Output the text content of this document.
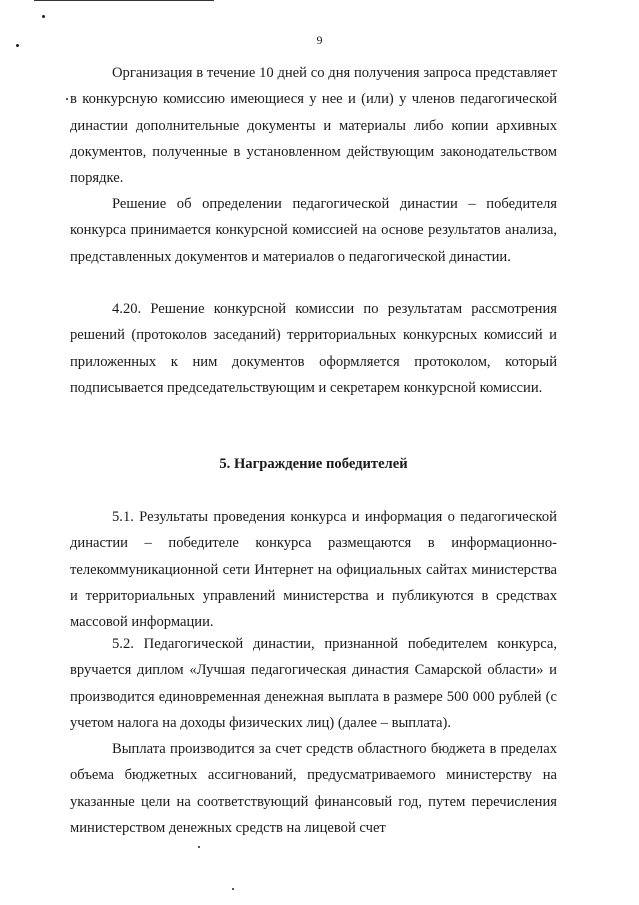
9

Организация в течение 10 дней со дня получения запроса представляет в конкурсную комиссию имеющиеся у нее и (или) у членов педагогической династии дополнительные документы и материалы либо копии архивных документов, полученные в установленном действующим законодательством порядке.

Решение об определении педагогической династии – победителя конкурса принимается конкурсной комиссией на основе результатов анализа, представленных документов и материалов о педагогической династии.

4.20. Решение конкурсной комиссии по результатам рассмотрения решений (протоколов заседаний) территориальных конкурсных комиссий и приложенных к ним документов оформляется протоколом, который подписывается председательствующим и секретарем конкурсной комиссии.

5. Награждение победителей

5.1. Результаты проведения конкурса и информация о педагогической династии – победителе конкурса размещаются в информационно-телекоммуникационной сети Интернет на официальных сайтах министерства и территориальных управлений министерства и публикуются в средствах массовой информации.

5.2. Педагогической династии, признанной победителем конкурса, вручается диплом «Лучшая педагогическая династия Самарской области» и производится единовременная денежная выплата в размере 500 000 рублей (с учетом налога на доходы физических лиц) (далее – выплата).

Выплата производится за счет средств областного бюджета в пределах объема бюджетных ассигнований, предусматриваемого министерству на указанные цели на соответствующий финансовый год, путем перечисления министерством денежных средств на лицевой счет
